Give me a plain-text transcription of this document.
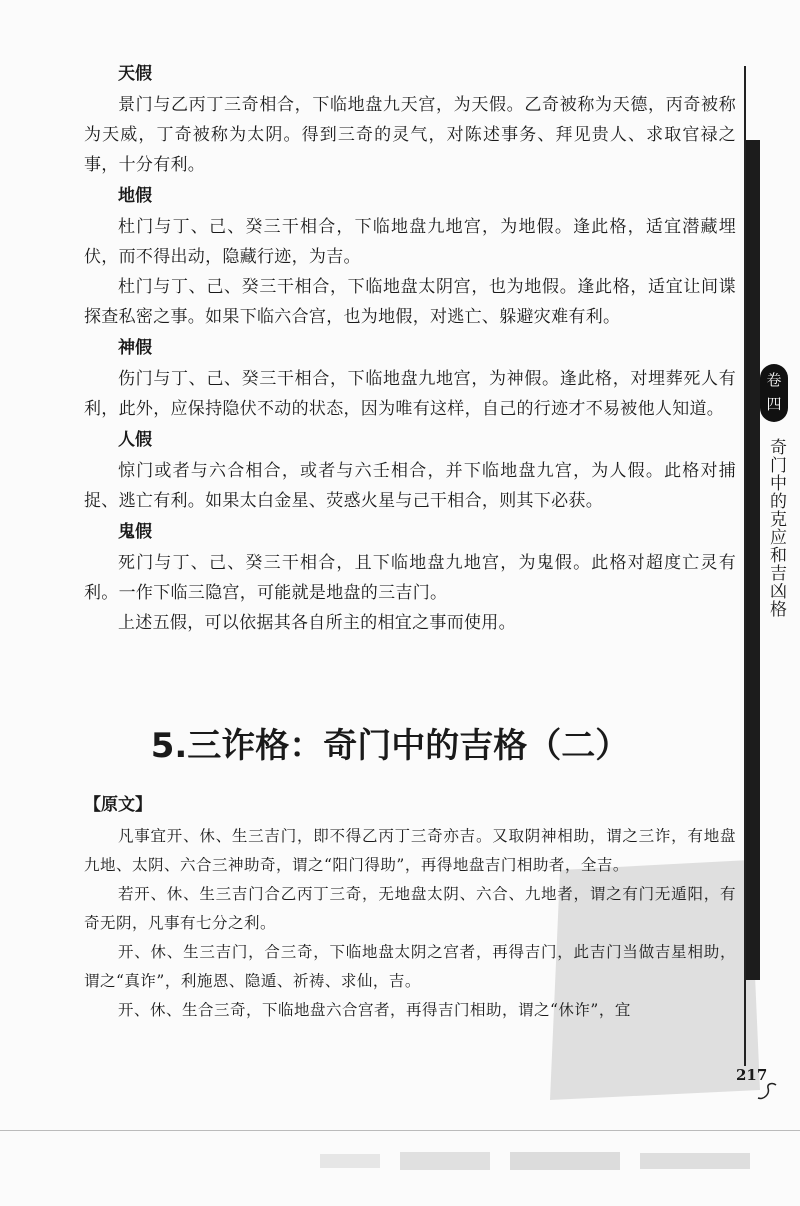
天假

景门与乙丙丁三奇相合，下临地盘九天宫，为天假。乙奇被称为天德，丙奇被称为天威，丁奇被称为太阴。得到三奇的灵气，对陈述事务、拜见贵人、求取官禄之事，十分有利。

地假

杜门与丁、己、癸三干相合，下临地盘九地宫，为地假。逢此格，适宜潜藏埋伏，而不得出动，隐藏行迹，为吉。

杜门与丁、己、癸三干相合，下临地盘太阴宫，也为地假。逢此格，适宜让间谍探查私密之事。如果下临六合宫，也为地假，对逃亡、躲避灾难有利。

神假

伤门与丁、己、癸三干相合，下临地盘九地宫，为神假。逢此格，对埋葬死人有利，此外，应保持隐伏不动的状态，因为唯有这样，自己的行迹才不易被他人知道。

人假

惊门或者与六合相合，或者与六壬相合，并下临地盘九宫，为人假。此格对捕捉、逃亡有利。如果太白金星、荧惑火星与己干相合，则其下必获。

鬼假

死门与丁、己、癸三干相合，且下临地盘九地宫，为鬼假。此格对超度亡灵有利。一作下临三隐宫，可能就是地盘的三吉门。

上述五假，可以依据其各自所主的相宜之事而使用。

5.三诈格：奇门中的吉格（二）
【原文】

凡事宜开、休、生三吉门，即不得乙丙丁三奇亦吉。又取阴神相助，谓之三诈，有地盘九地、太阴、六合三神助奇，谓之“阳门得助”，再得地盘吉门相助者，全吉。

若开、休、生三吉门合乙丙丁三奇，无地盘太阴、六合、九地者，谓之有门无遁阳，有奇无阴，凡事有七分之利。

开、休、生三吉门，合三奇，下临地盘太阴之宫者，再得吉门，此吉门当做吉星相助，谓之“真诈”，利施恩、隐遁、祈祷、求仙，吉。

开、休、生合三奇，下临地盘六合宫者，再得吉门相助，谓之“休诈”，宜

卷
四
奇门中的克应和吉凶格
217
